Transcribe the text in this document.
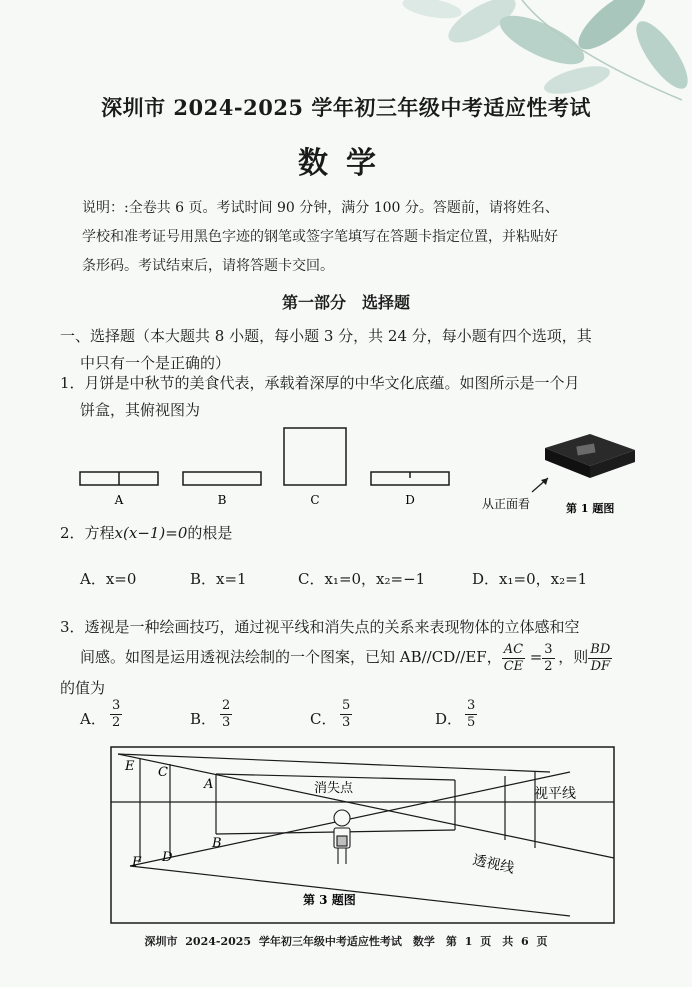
深圳市 2024-2025 学年初三年级中考适应性考试
数学
说明：:全卷共 6 页。考试时间 90 分钟，满分 100 分。答题前，请将姓名、
学校和准考证号用黑色字迹的钢笔或签字笔填写在答题卡指定位置，并粘贴好
条形码。考试结束后，请将答题卡交回。
第一部分　选择题
一、选择题（本大题共 8 小题，每小题 3 分，共 24 分，每小题有四个选项，其
中只有一个是正确的）
1．月饼是中秋节的美食代表，承载着深厚的中华文化底蕴。如图所示是一个月
饼盒，其俯视图为
A	B	C	D	从正面看	第 1 题图
2．方程x(x−1)=0的根是
A．x=0	B．x=1	C．x₁=0，x₂=−1	D．x₁=0，x₂=1
3．透视是一种绘画技巧，通过视平线和消失点的关系来表现物体的立体感和空
间感。如图是运用透视法绘制的一个图案，已知 AB//CD//EF， $\frac{AC}{CE} = \frac{3}{2}$ ，则 $\frac{BD}{DF}$
的值为
A． $\frac{3}{2}$	B． $\frac{2}{3}$	C． $\frac{5}{3}$	D． $\frac{3}{5}$
E C
A
F D
B
消失点	视平线
透视线
第 3 题图
深圳市 2024-2025 学年初三年级中考适应性考试　数学　第 1 页　共 6 页
